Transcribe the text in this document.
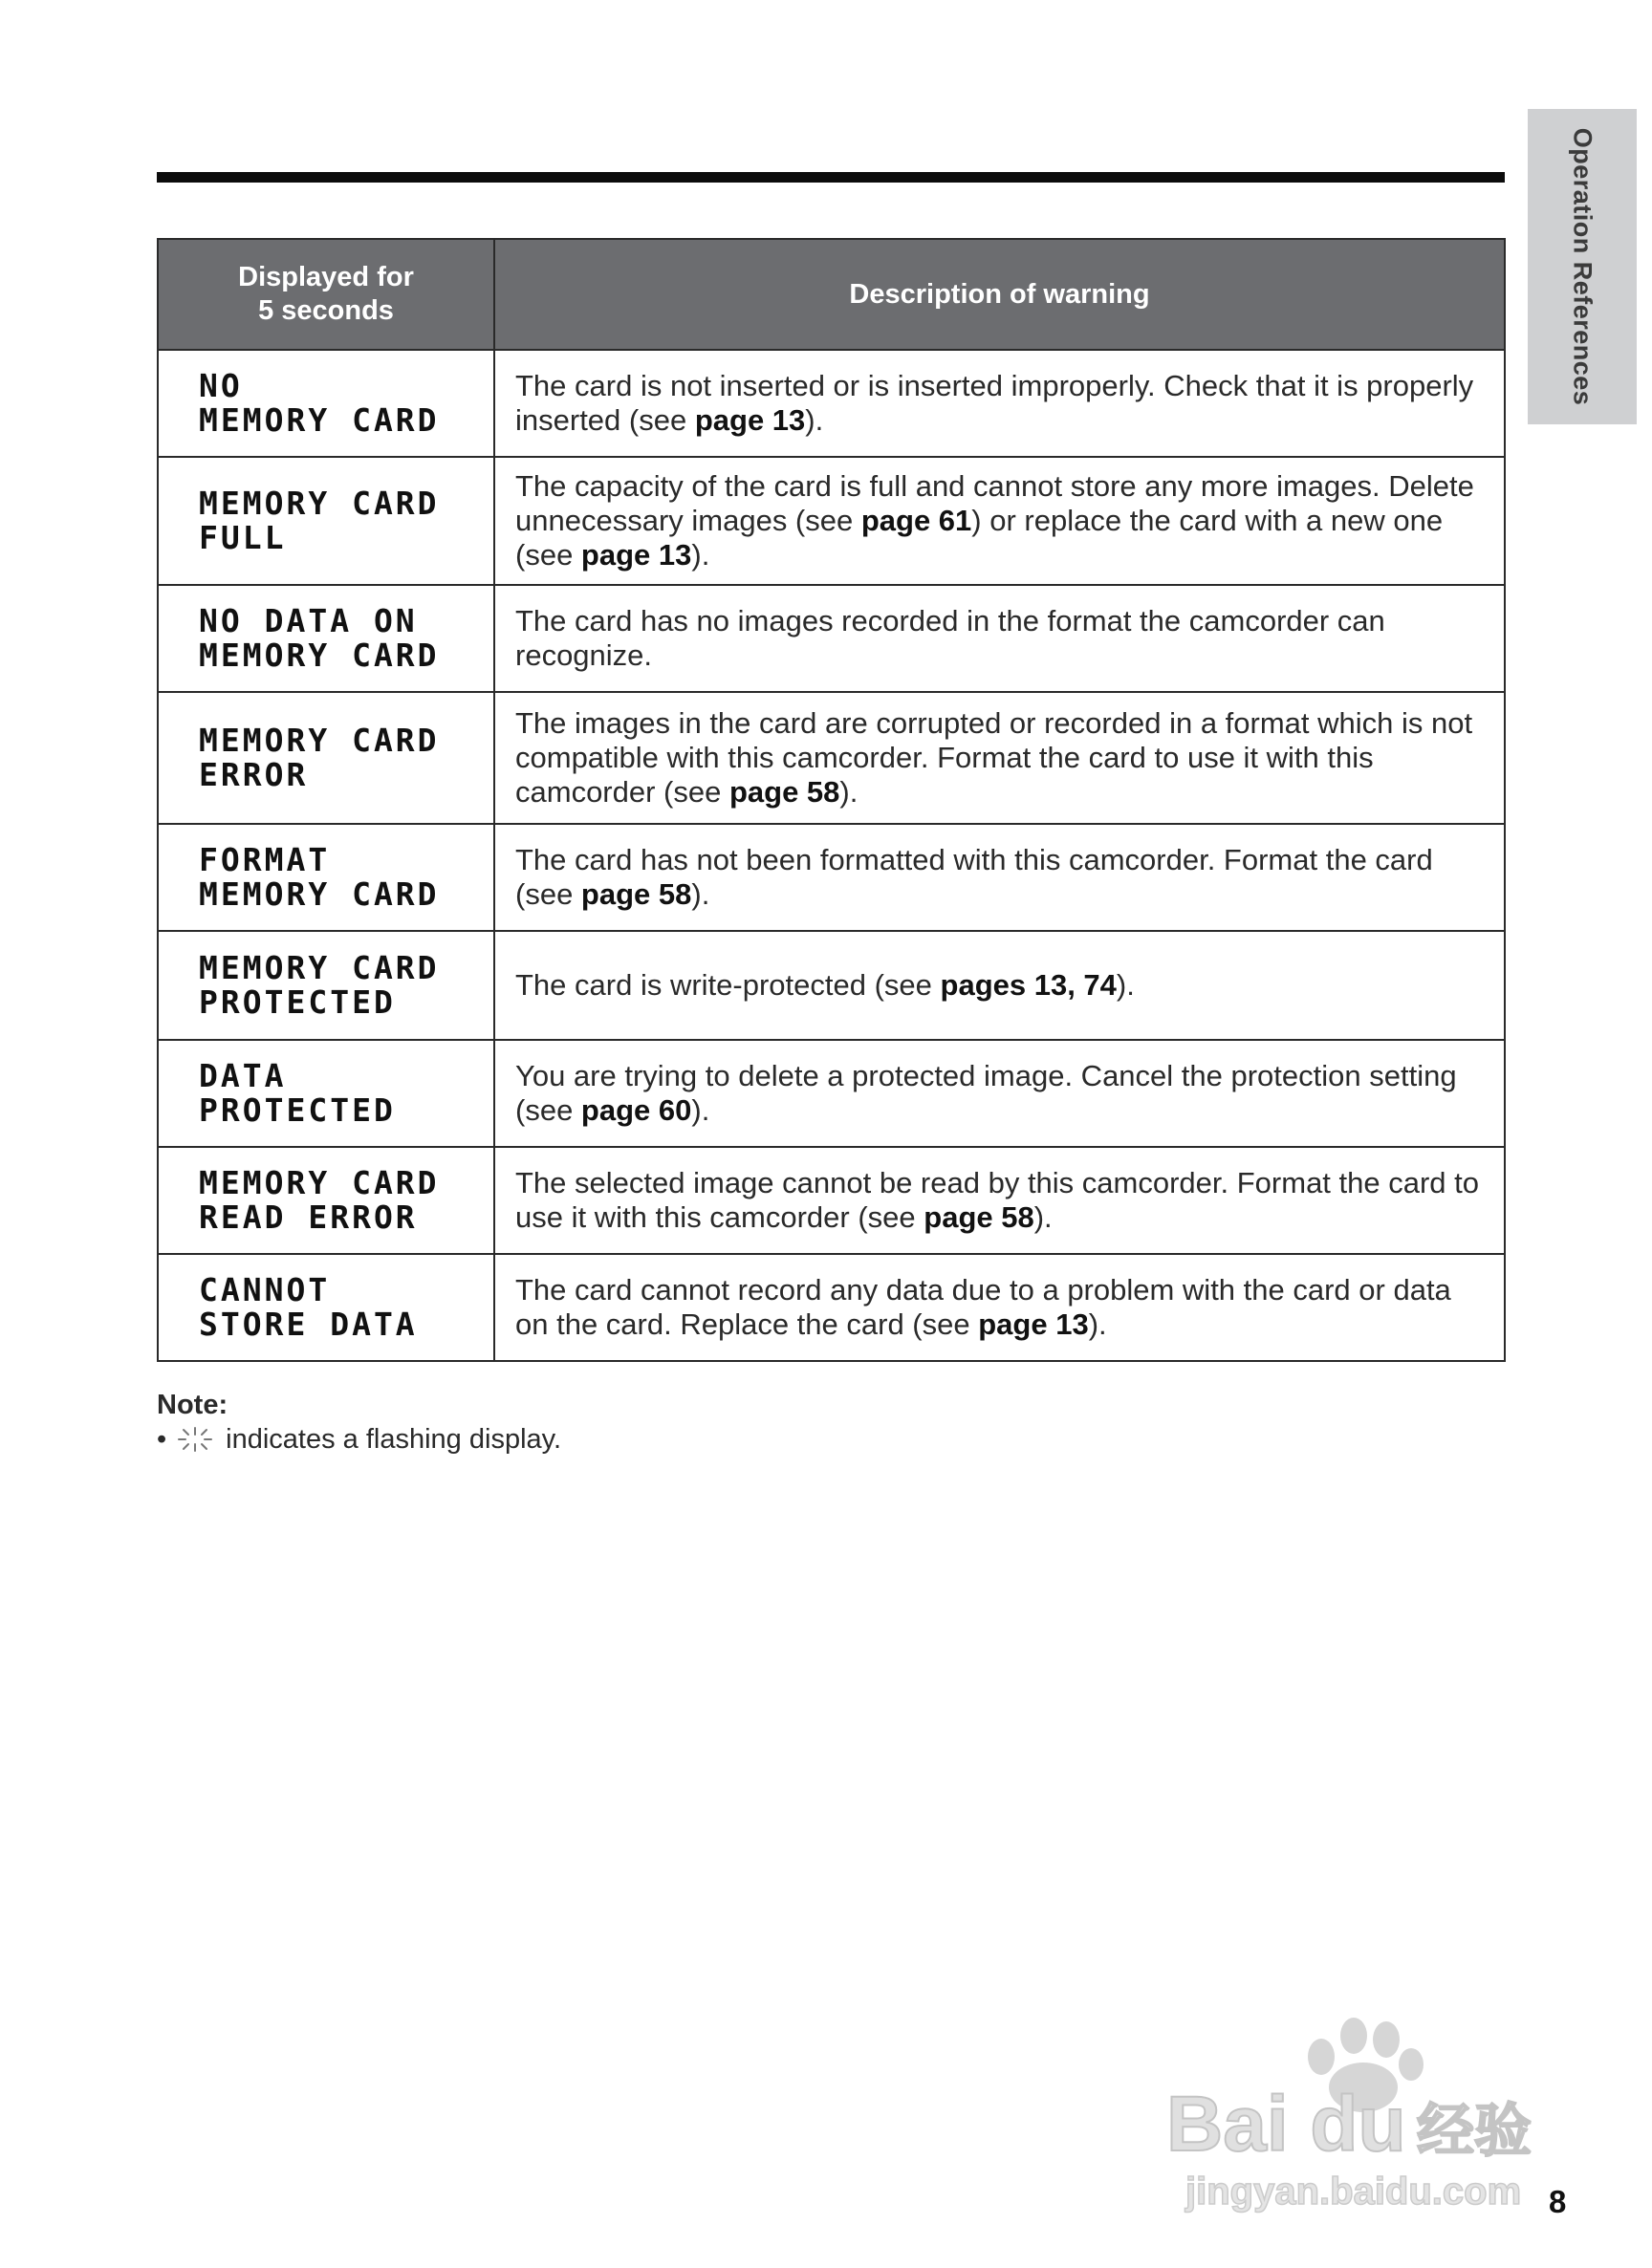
Operation References
Displayed for
5 seconds	Description of warning

NO
MEMORY CARD	The card is not inserted or is inserted improperly. Check that it is properly inserted (see page 13).

MEMORY CARD
FULL	The capacity of the card is full and cannot store any more images. Delete unnecessary images (see page 61) or replace the card with a new one (see page 13).

NO DATA ON
MEMORY CARD	The card has no images recorded in the format the camcorder can recognize.

MEMORY CARD
ERROR	The images in the card are corrupted or recorded in a format which is not compatible with this camcorder. Format the card to use it with this camcorder (see page 58).

FORMAT
MEMORY CARD	The card has not been formatted with this camcorder. Format the card (see page 58).

MEMORY CARD
PROTECTED	The card is write-protected (see pages 13, 74).

DATA
PROTECTED	You are trying to delete a protected image. Cancel the protection setting (see page 60).

MEMORY CARD
READ ERROR	The selected image cannot be read by this camcorder. Format the card to use it with this camcorder (see page 58).

CANNOT
STORE DATA	The card cannot record any data due to a problem with the card or data on the card. Replace the card (see page 13).
Note:
• indicates a flashing display.
Bai du 经验
jingyan.baidu.com 8
